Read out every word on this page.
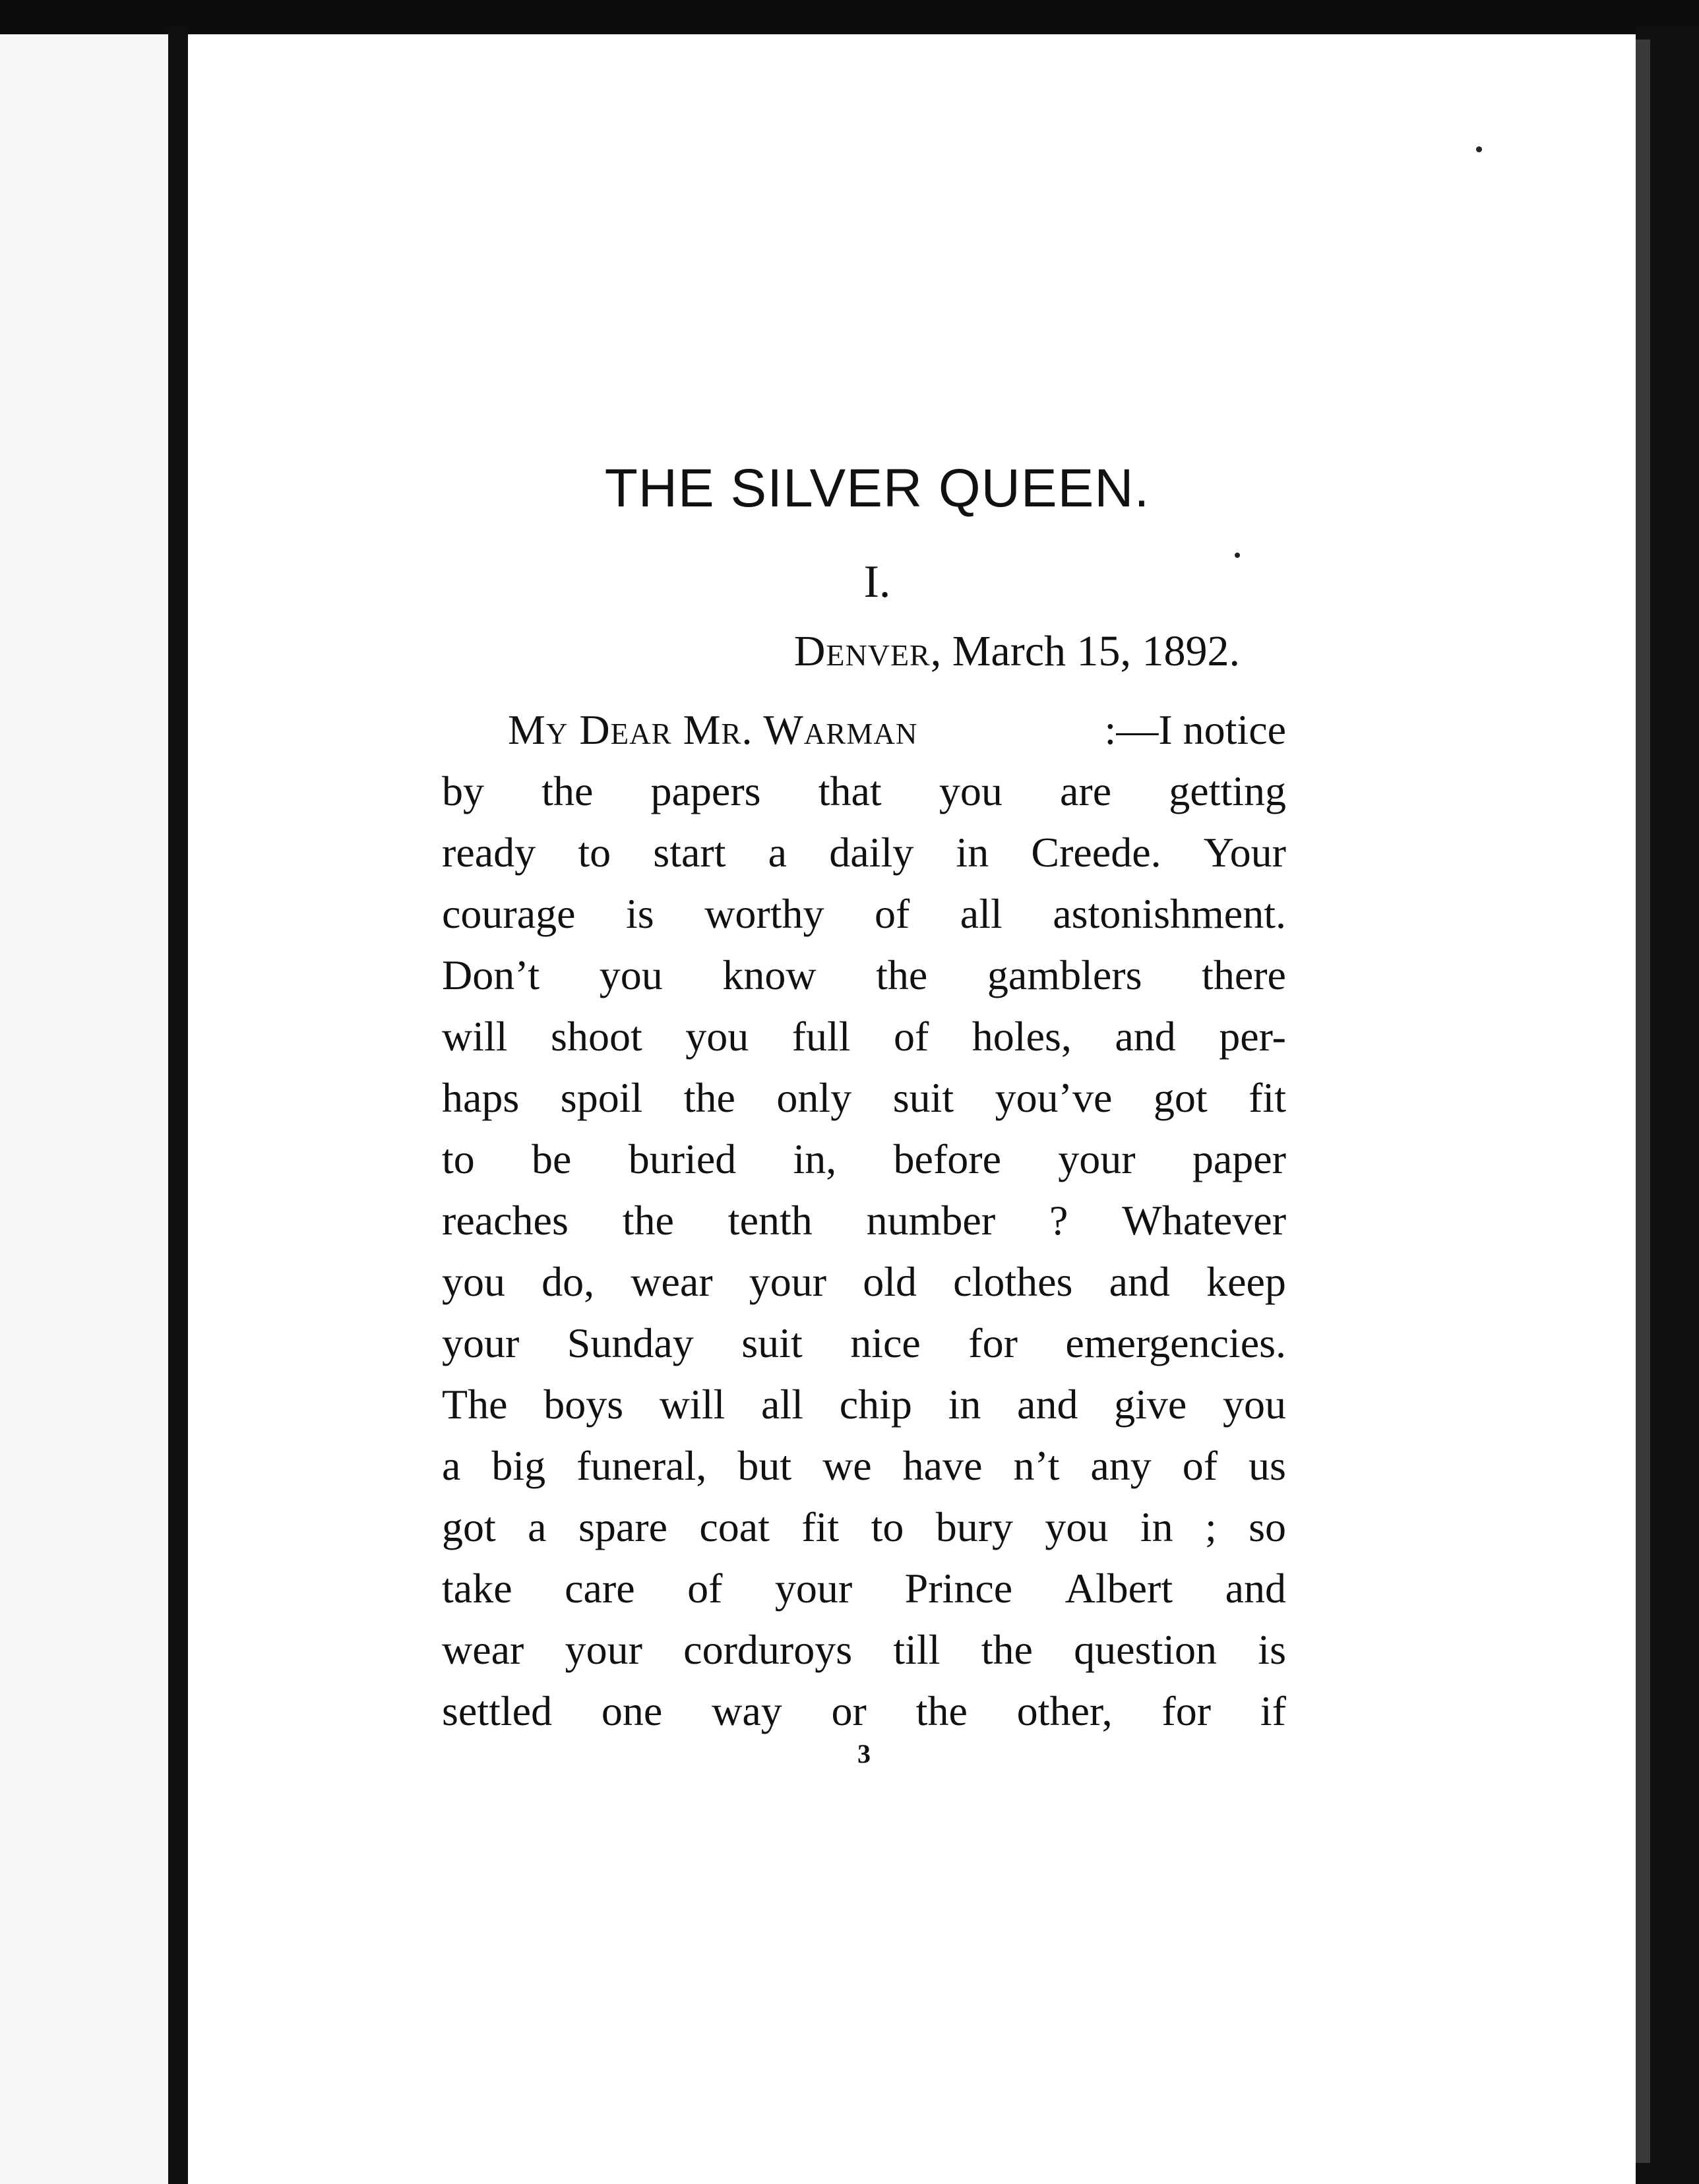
THE SILVER QUEEN.
I.
Denver, March 15, 1892.
My Dear Mr. Warman	:—I notice
by the papers that you are getting
ready to start a daily in Creede. Your
courage is worthy of all astonishment.
Don’t you know the gamblers there
will shoot you full of holes, and per-
haps spoil the only suit you’ve got fit
to be buried in, before your paper
reaches the tenth number ? Whatever
you do, wear your old clothes and keep
your Sunday suit nice for emergencies.
The boys will all chip in and give you
a big funeral, but we have n’t any of us
got a spare coat fit to bury you in ; so
take care of your Prince Albert and
wear your corduroys till the question is
settled one way or the other, for if
3
